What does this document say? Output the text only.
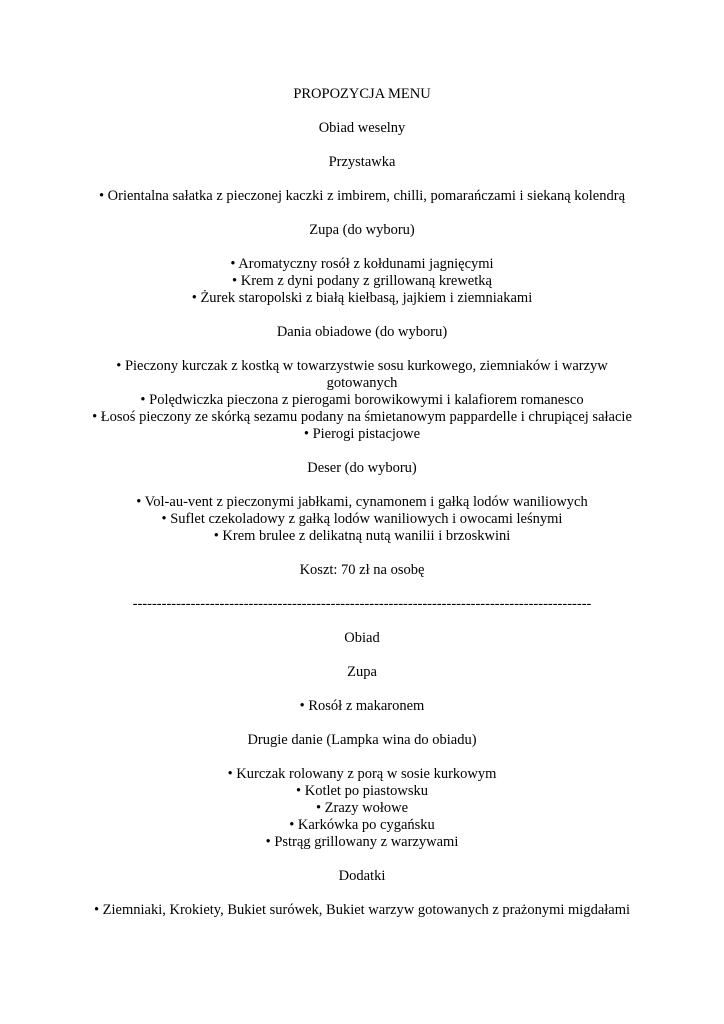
PROPOZYCJA MENU

Obiad weselny

Przystawka

• Orientalna sałatka z pieczonej kaczki z imbirem, chilli, pomarańczami i siekaną kolendrą

Zupa (do wyboru)

• Aromatyczny rosół z kołdunami jagnięcymi

• Krem z dyni podany z grillowaną krewetką

• Żurek staropolski z białą kiełbasą, jajkiem i ziemniakami

Dania obiadowe (do wyboru)

• Pieczony kurczak z kostką w towarzystwie sosu kurkowego, ziemniaków i warzyw gotowanych

• Polędwiczka pieczona z pierogami borowikowymi i kalafiorem romanesco

• Łosoś pieczony ze skórką sezamu podany na śmietanowym pappardelle i chrupiącej sałacie

• Pierogi pistacjowe

Deser (do wyboru)

• Vol-au-vent z pieczonymi jabłkami, cynamonem i gałką lodów waniliowych

• Suflet czekoladowy z gałką lodów waniliowych i owocami leśnymi

• Krem brulee z delikatną nutą wanilii i brzoskwini

Koszt: 70 zł na osobę

-----------------------------------------------------------------------------------------------

Obiad

Zupa

• Rosół z makaronem

Drugie danie (Lampka wina do obiadu)

• Kurczak rolowany z porą w sosie kurkowym

• Kotlet po piastowsku

• Zrazy wołowe

• Karkówka po cygańsku

• Pstrąg grillowany z warzywami

Dodatki

• Ziemniaki, Krokiety, Bukiet surówek, Bukiet warzyw gotowanych z prażonymi migdałami
